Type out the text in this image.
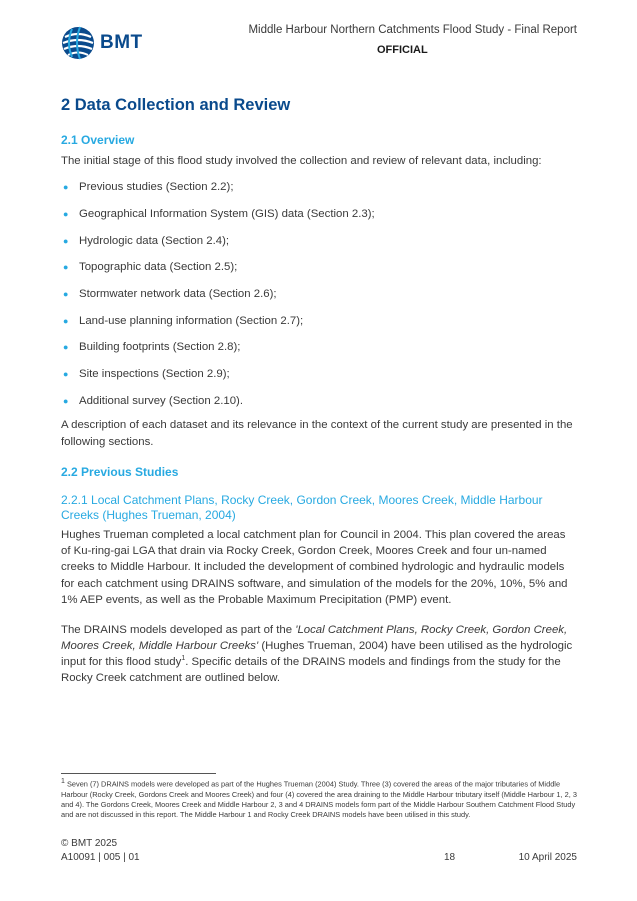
BMT
Middle Harbour Northern Catchments Flood Study - Final Report
OFFICIAL
2 Data Collection and Review
2.1 Overview

The initial stage of this flood study involved the collection and review of relevant data, including:

● Previous studies (Section 2.2);
● Geographical Information System (GIS) data (Section 2.3);
● Hydrologic data (Section 2.4);
● Topographic data (Section 2.5);
● Stormwater network data (Section 2.6);
● Land-use planning information (Section 2.7);
● Building footprints (Section 2.8);
● Site inspections (Section 2.9);
● Additional survey (Section 2.10).

A description of each dataset and its relevance in the context of the current study are presented in the following sections.

2.2 Previous Studies
2.2.1 Local Catchment Plans, Rocky Creek, Gordon Creek, Moores Creek, Middle Harbour Creeks (Hughes Trueman, 2004)

Hughes Trueman completed a local catchment plan for Council in 2004. This plan covered the areas of Ku-ring-gai LGA that drain via Rocky Creek, Gordon Creek, Moores Creek and four un-named creeks to Middle Harbour. It included the development of combined hydrologic and hydraulic models for each catchment using DRAINS software, and simulation of the models for the 20%, 10%, 5% and 1% AEP events, as well as the Probable Maximum Precipitation (PMP) event.

The DRAINS models developed as part of the 'Local Catchment Plans, Rocky Creek, Gordon Creek, Moores Creek, Middle Harbour Creeks' (Hughes Trueman, 2004) have been utilised as the hydrologic input for this flood study$^1$. Specific details of the DRAINS models and findings from the study for the Rocky Creek catchment are outlined below.

$^1$ Seven (7) DRAINS models were developed as part of the Hughes Trueman (2004) Study. Three (3) covered the areas of the major tributaries of Middle Harbour (Rocky Creek, Gordons Creek and Moores Creek) and four (4) covered the area draining to the Middle Harbour tributary itself (Middle Harbour 1, 2, 3 and 4). The Gordons Creek, Moores Creek and Middle Harbour 2, 3 and 4 DRAINS models form part of the Middle Harbour Southern Catchment Flood Study and are not discussed in this report. The Middle Harbour 1 and Rocky Creek DRAINS models have been utilised in this study.
© BMT 2025
A10091 | 005 | 01	18	10 April 2025
